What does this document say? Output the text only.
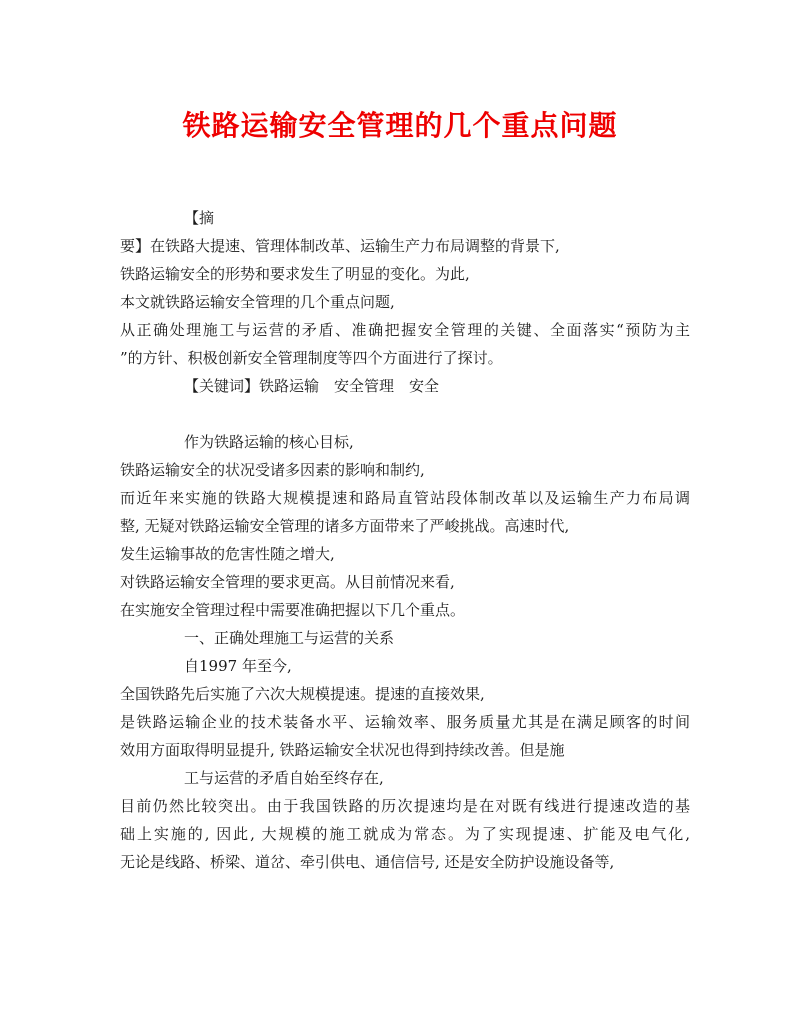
铁路运输安全管理的几个重点问题
【摘
要】在铁路大提速、管理体制改革、运输生产力布局调整的背景下,
铁路运输安全的形势和要求发生了明显的变化。为此,
本文就铁路运输安全管理的几个重点问题,
从正确处理施工与运营的矛盾、准确把握安全管理的关键、全面落实“预防为主
”的方针、积极创新安全管理制度等四个方面进行了探讨。
【关键词】铁路运输　安全管理　安全
作为铁路运输的核心目标,
铁路运输安全的状况受诸多因素的影响和制约,
而近年来实施的铁路大规模提速和路局直管站段体制改革以及运输生产力布局调
整, 无疑对铁路运输安全管理的诸多方面带来了严峻挑战。高速时代,
发生运输事故的危害性随之增大,
对铁路运输安全管理的要求更高。从目前情况来看,
在实施安全管理过程中需要准确把握以下几个重点。
一、正确处理施工与运营的关系
自1997 年至今,
全国铁路先后实施了六次大规模提速。提速的直接效果,
是铁路运输企业的技术装备水平、运输效率、服务质量尤其是在满足顾客的时间
效用方面取得明显提升, 铁路运输安全状况也得到持续改善。但是施
工与运营的矛盾自始至终存在,
目前仍然比较突出。由于我国铁路的历次提速均是在对既有线进行提速改造的基
础上实施的, 因此, 大规模的施工就成为常态。为了实现提速、扩能及电气化,
无论是线路、桥梁、道岔、牵引供电、通信信号, 还是安全防护设施设备等,
